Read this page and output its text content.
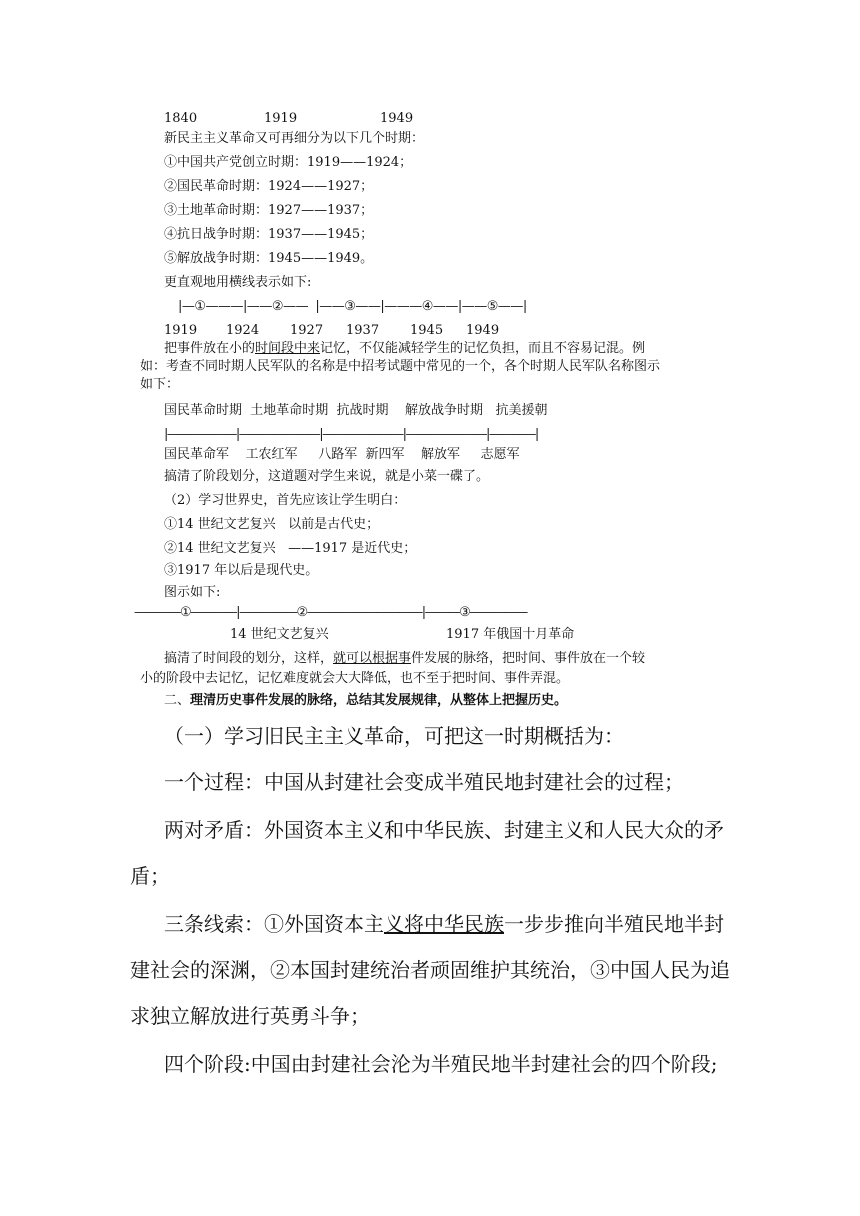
1840	1919	1949
新民主主义革命又可再细分为以下几个时期：
①中国共产党创立时期：1919——1924；
②国民革命时期：1924——1927；
③土地革命时期：1927——1937；
④抗日战争时期：1937——1945；
⑤解放战争时期：1945——1949。
更直观地用横线表示如下:
|—①———|——②——  |——③——|———④——|——⑤——|
1919 1924 1927 1937 1945 1949
把事件放在小的时间段中来记忆，不仅能减轻学生的记忆负担，而且不容易记混。例
如：考查不同时期人民军队的名称是中招考试题中常见的一个，各个时期人民军队名称图示
如下：
国民革命时期  土地革命时期  抗战时期    解放战争时期   抗美援朝
|——————|———————|———————|———————|————|
国民革命军    工农红军     八路军  新四军    解放军     志愿军
搞清了阶段划分，这道题对学生来说，就是小菜一碟了。
（2）学习世界史，首先应该让学生明白：
①14 世纪文艺复兴   以前是古代史；
②14 世纪文艺复兴   ——1917 是近代史；
③1917 年以后是现代史。
图示如下:
————①————|—————②——————————|———③—————
14 世纪文艺复兴	1917 年俄国十月革命
搞清了时间段的划分，这样，就可以根据事件发展的脉络，把时间、事件放在一个较
小的阶段中去记忆，记忆难度就会大大降低，也不至于把时间、事件弄混。
二、理清历史事件发展的脉络，总结其发展规律，从整体上把握历史。
（一）学习旧民主主义革命，可把这一时期概括为：
一个过程：中国从封建社会变成半殖民地封建社会的过程；
两对矛盾：外国资本主义和中华民族、封建主义和人民大众的矛
盾；
三条线索：①外国资本主义将中华民族一步步推向半殖民地半封
建社会的深渊，②本国封建统治者顽固维护其统治，③中国人民为追
求独立解放进行英勇斗争；
四个阶段:中国由封建社会沦为半殖民地半封建社会的四个阶段;
